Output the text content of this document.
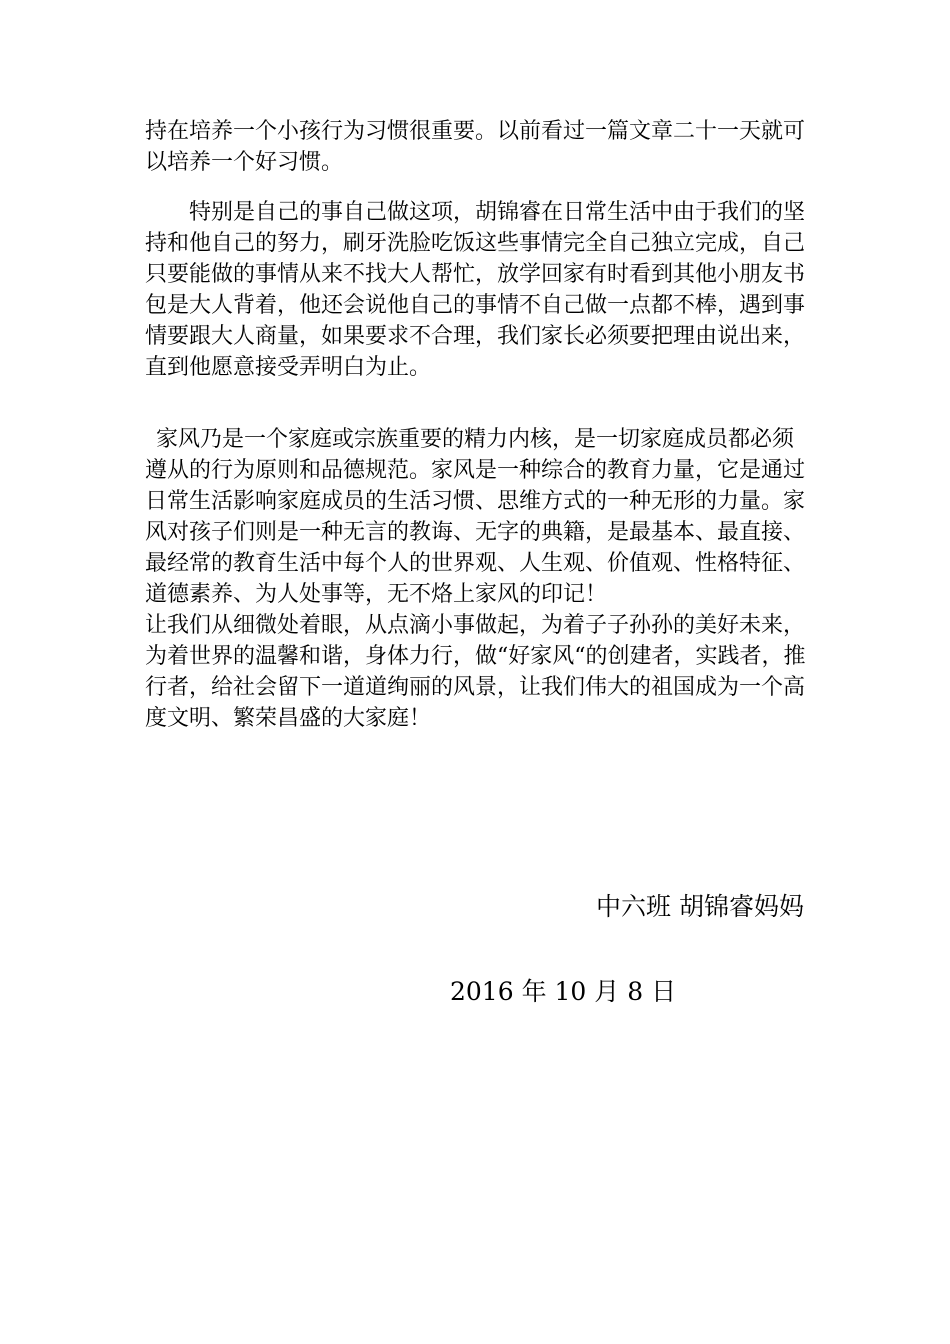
持在培养一个小孩行为习惯很重要。以前看过一篇文章二十一天就可以培养一个好习惯。

特别是自己的事自己做这项，胡锦睿在日常生活中由于我们的坚持和他自己的努力，刷牙洗脸吃饭这些事情完全自己独立完成，自己只要能做的事情从来不找大人帮忙，放学回家有时看到其他小朋友书包是大人背着，他还会说他自己的事情不自己做一点都不棒，遇到事情要跟大人商量，如果要求不合理，我们家长必须要把理由说出来，直到他愿意接受弄明白为止。

家风乃是一个家庭或宗族重要的精力内核，是一切家庭成员都必须遵从的行为原则和品德规范。家风是一种综合的教育力量，它是通过日常生活影响家庭成员的生活习惯、思维方式的一种无形的力量。家风对孩子们则是一种无言的教诲、无字的典籍，是最基本、最直接、最经常的教育生活中每个人的世界观、人生观、价值观、性格特征、道德素养、为人处事等，无不烙上家风的印记！
让我们从细微处着眼，从点滴小事做起，为着子子孙孙的美好未来，为着世界的温馨和谐，身体力行，做“好家风“的创建者，实践者，推行者，给社会留下一道道绚丽的风景，让我们伟大的祖国成为一个高度文明、繁荣昌盛的大家庭！
中六班 胡锦睿妈妈
2016 年 10 月 8 日
